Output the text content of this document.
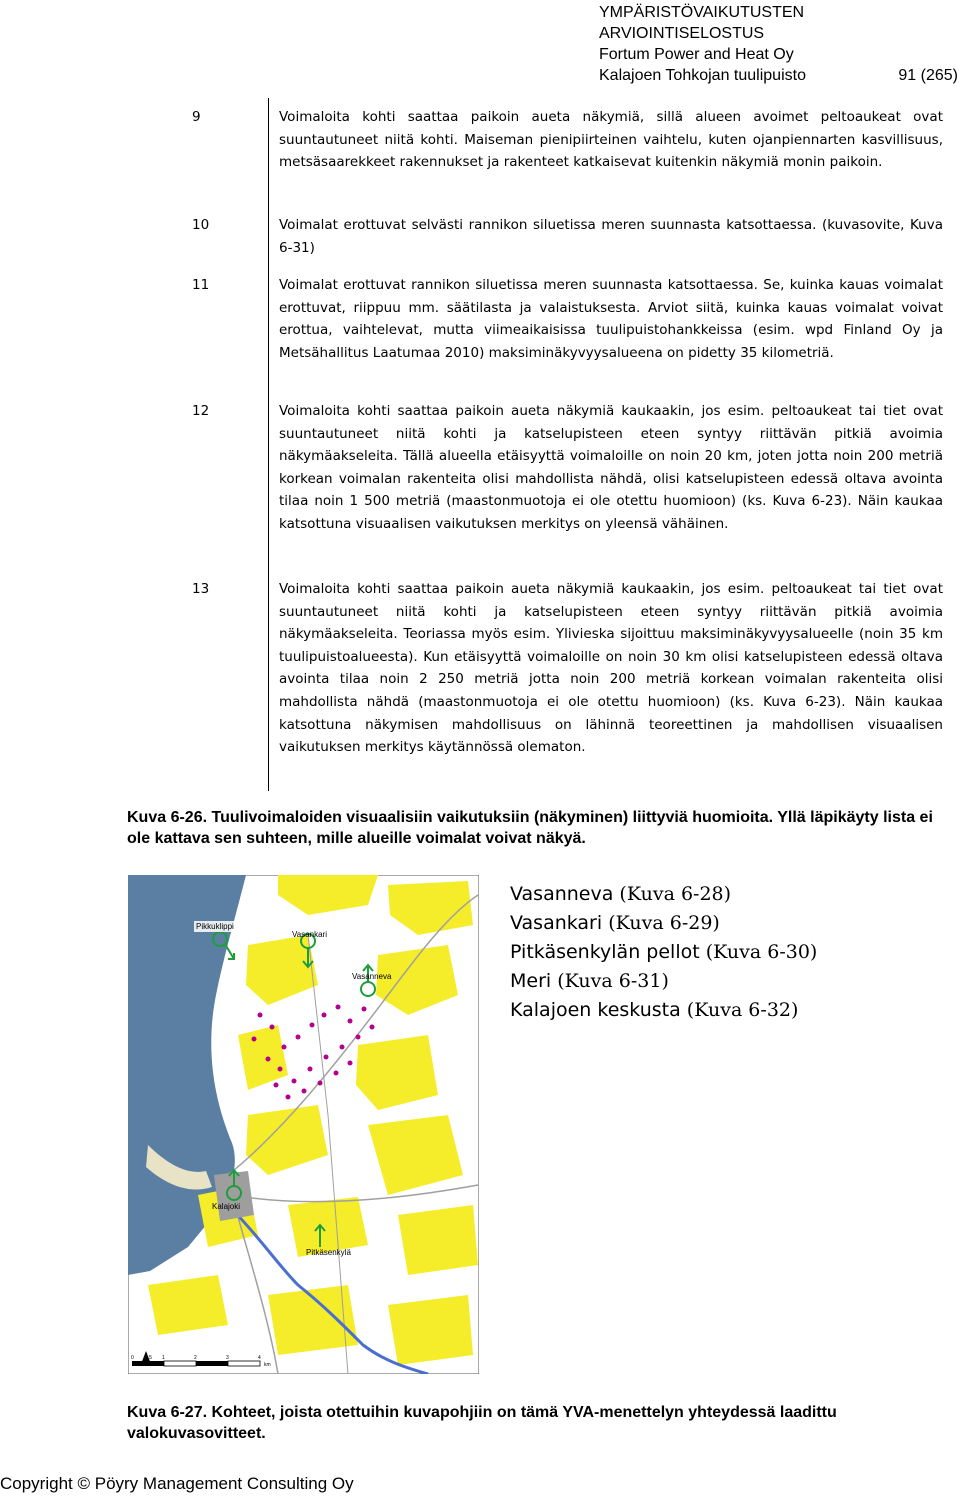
YMPÄRISTÖVAIKUTUSTEN
ARVIOINTISELOSTUS
Fortum Power and Heat Oy
Kalajoen Tohkojan tuulipuisto	91 (265)
9	Voimaloita kohti saattaa paikoin aueta näkymiä, sillä alueen avoimet peltoaukeat ovat suuntautuneet niitä kohti. Maiseman pienipiirteinen vaihtelu, kuten ojanpiennarten kasvillisuus, metsäsaarekkeet rakennukset ja rakenteet katkaisevat kuitenkin näkymiä monin paikoin.
10	Voimalat erottuvat selvästi rannikon siluetissa meren suunnasta katsottaessa. (kuvasovite, Kuva 6-31)
11	Voimalat erottuvat rannikon siluetissa meren suunnasta katsottaessa. Se, kuinka kauas voimalat erottuvat, riippuu mm. säätilasta ja valaistuksesta. Arviot siitä, kuinka kauas voimalat voivat erottua, vaihtelevat, mutta viimeaikaisissa tuulipuistohankkeissa (esim. wpd Finland Oy ja Metsähallitus Laatumaa 2010) maksiminäkyvyysalueena on pidetty 35 kilometriä.
12	Voimaloita kohti saattaa paikoin aueta näkymiä kaukaakin, jos esim. peltoaukeat tai tiet ovat suuntautuneet niitä kohti ja katselupisteen eteen syntyy riittävän pitkiä avoimia näkymäakseleita. Tällä alueella etäisyyttä voimaloille on noin 20 km, joten jotta noin 200 metriä korkean voimalan rakenteita olisi mahdollista nähdä, olisi katselupisteen edessä oltava avointa tilaa noin 1 500 metriä (maastonmuotoja ei ole otettu huomioon) (ks. Kuva 6-23). Näin kaukaa katsottuna visuaalisen vaikutuksen merkitys on yleensä vähäinen.
13	Voimaloita kohti saattaa paikoin aueta näkymiä kaukaakin, jos esim. peltoaukeat tai tiet ovat suuntautuneet niitä kohti ja katselupisteen eteen syntyy riittävän pitkiä avoimia näkymäakseleita. Teoriassa myös esim. Ylivieska sijoittuu maksiminäkyvyysalueelle (noin 35 km tuulipuistoalueesta). Kun etäisyyttä voimaloille on noin 30 km olisi katselupisteen edessä oltava avointa tilaa noin 2 250 metriä jotta noin 200 metriä korkean voimalan rakenteita olisi mahdollista nähdä (maastonmuotoja ei ole otettu huomioon) (ks. Kuva 6-23). Näin kaukaa katsottuna näkymisen mahdollisuus on lähinnä teoreettinen ja mahdollisen visuaalisen vaikutuksen merkitys käytännössä olematon.
Kuva 6-26. Tuulivoimaloiden visuaalisiin vaikutuksiin (näkyminen) liittyviä huomioita. Yllä läpikäyty lista ei ole kattava sen suhteen, mille alueille voimalat voivat näkyä.
Pikkuklippi
Vasankari
Vasanneva
Kalajoki
Pitkäsenkylä
0 0,5 1	2	3	4
km
Vasanneva (Kuva 6-28)
Vasankari (Kuva 6-29)
Pitkäsenkylän pellot (Kuva 6-30)
Meri (Kuva 6-31)
Kalajoen keskusta (Kuva 6-32)
Kuva 6-27. Kohteet, joista otettuihin kuvapohjiin on tämä YVA-menettelyn yhteydessä laadittu valokuvasovitteet.
Copyright © Pöyry Management Consulting Oy
